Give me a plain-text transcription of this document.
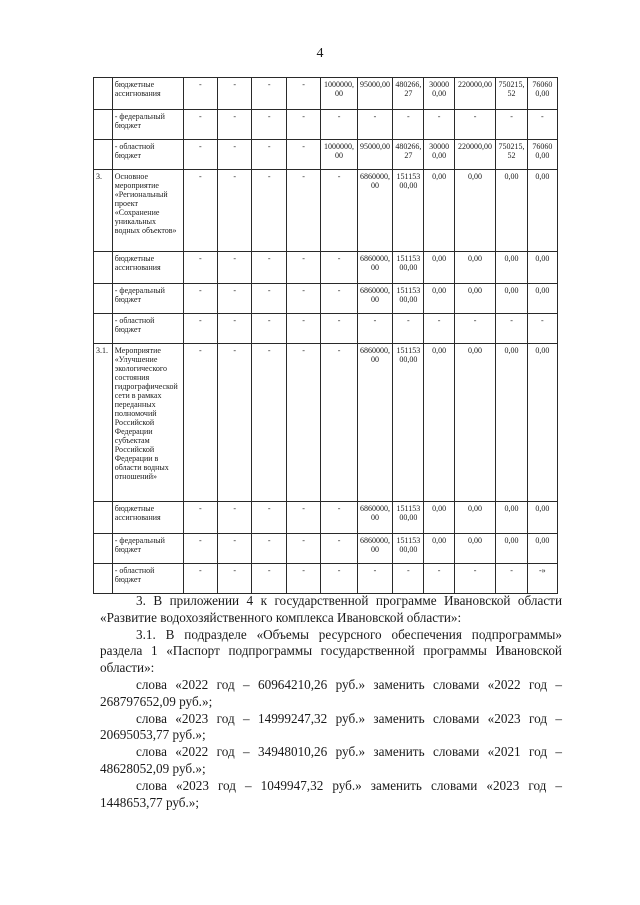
4
	бюджетные ассигнования	-	-	-	-	1000000,00	95000,00	480266,27	300000,00	220000,00	750215,52	760600,00
	- федеральный бюджет	-	-	-	-	-	-	-	-	-	-	-
	- областной бюджет	-	-	-	-	1000000,00	95000,00	480266,27	300000,00	220000,00	750215,52	760600,00
3.	Основное мероприятие «Региональный проект «Сохранение уникальных водных объектов»	-	-	-	-	-	6860000,00	15115300,00	0,00	0,00	0,00	0,00
	бюджетные ассигнования	-	-	-	-	-	6860000,00	15115300,00	0,00	0,00	0,00	0,00
	- федеральный бюджет	-	-	-	-	-	6860000,00	15115300,00	0,00	0,00	0,00	0,00
	- областной бюджет	-	-	-	-	-	-	-	-	-	-	-
3.1.	Мероприятие «Улучшение экологического состояния гидрографической сети в рамках переданных полномочий Российской Федерации субъектам Российской Федерации в области водных отношений»	-	-	-	-	-	6860000,00	15115300,00	0,00	0,00	0,00	0,00
	бюджетные ассигнования	-	-	-	-	-	6860000,00	15115300,00	0,00	0,00	0,00	0,00
	- федеральный бюджет	-	-	-	-	-	6860000,00	15115300,00	0,00	0,00	0,00	0,00
	- областной бюджет	-	-	-	-	-	-	-	-	-	-	-»

3. В приложении 4 к государственной программе Ивановской области «Развитие водохозяйственного комплекса Ивановской области»:

3.1. В подразделе «Объемы ресурсного обеспечения подпрограммы» раздела 1 «Паспорт подпрограммы государственной программы Ивановской области»:

слова «2022 год – 60964210,26 руб.» заменить словами «2022 год – 268797652,09 руб.»;

слова «2023 год – 14999247,32 руб.» заменить словами «2023 год – 20695053,77 руб.»;

слова «2022 год – 34948010,26 руб.» заменить словами «2021 год – 48628052,09 руб.»;

слова «2023 год – 1049947,32 руб.» заменить словами «2023 год – 1448653,77 руб.»;
